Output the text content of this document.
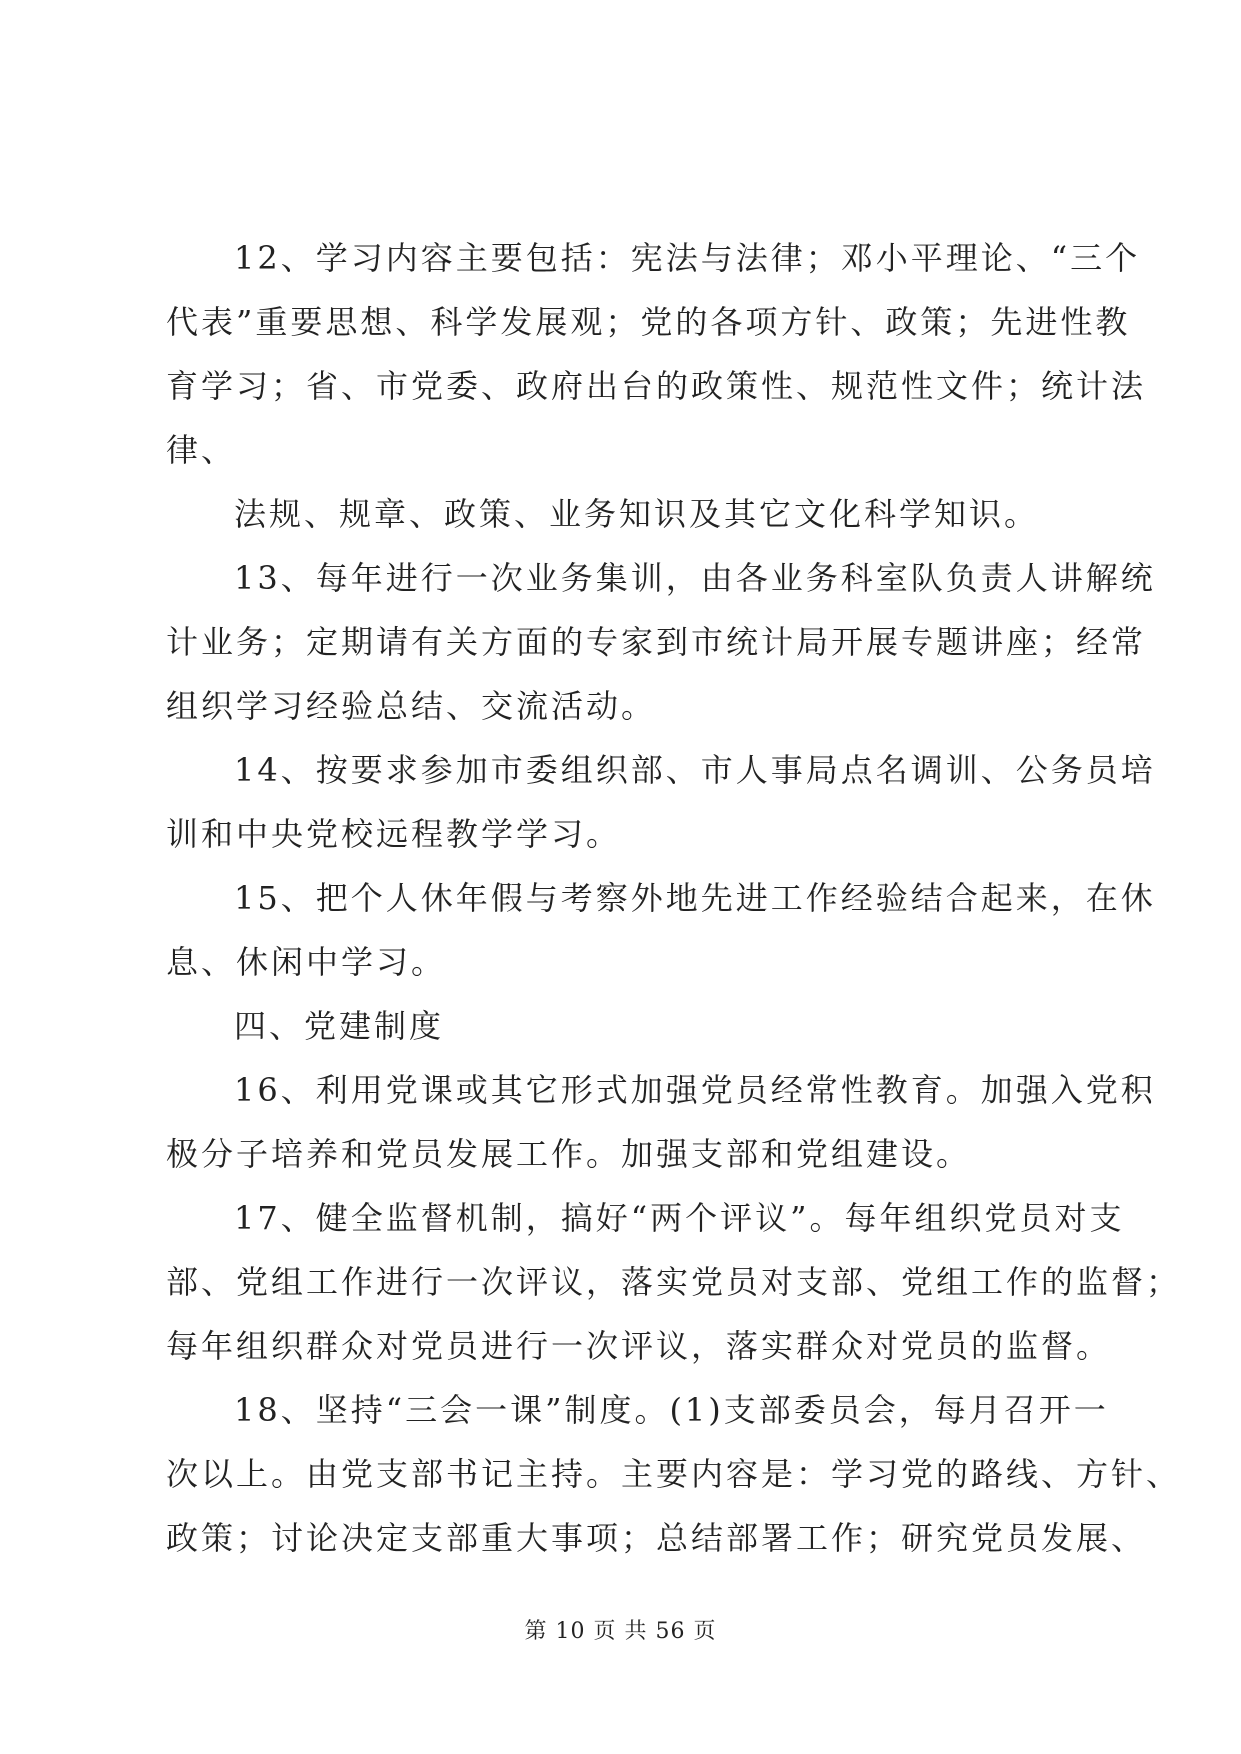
12、学习内容主要包括：宪法与法律；邓小平理论、“三个
代表”重要思想、科学发展观；党的各项方针、政策；先进性教
育学习；省、市党委、政府出台的政策性、规范性文件；统计法
律、
法规、规章、政策、业务知识及其它文化科学知识。
13、每年进行一次业务集训，由各业务科室队负责人讲解统
计业务；定期请有关方面的专家到市统计局开展专题讲座；经常
组织学习经验总结、交流活动。
14、按要求参加市委组织部、市人事局点名调训、公务员培
训和中央党校远程教学学习。
15、把个人休年假与考察外地先进工作经验结合起来，在休
息、休闲中学习。
四、党建制度
16、利用党课或其它形式加强党员经常性教育。加强入党积
极分子培养和党员发展工作。加强支部和党组建设。
17、健全监督机制，搞好“两个评议”。每年组织党员对支
部、党组工作进行一次评议，落实党员对支部、党组工作的监督；
每年组织群众对党员进行一次评议，落实群众对党员的监督。
18、坚持“三会一课”制度。(1)支部委员会，每月召开一
次以上。由党支部书记主持。主要内容是：学习党的路线、方针、
政策；讨论决定支部重大事项；总结部署工作；研究党员发展、
第 10 页 共 56 页
